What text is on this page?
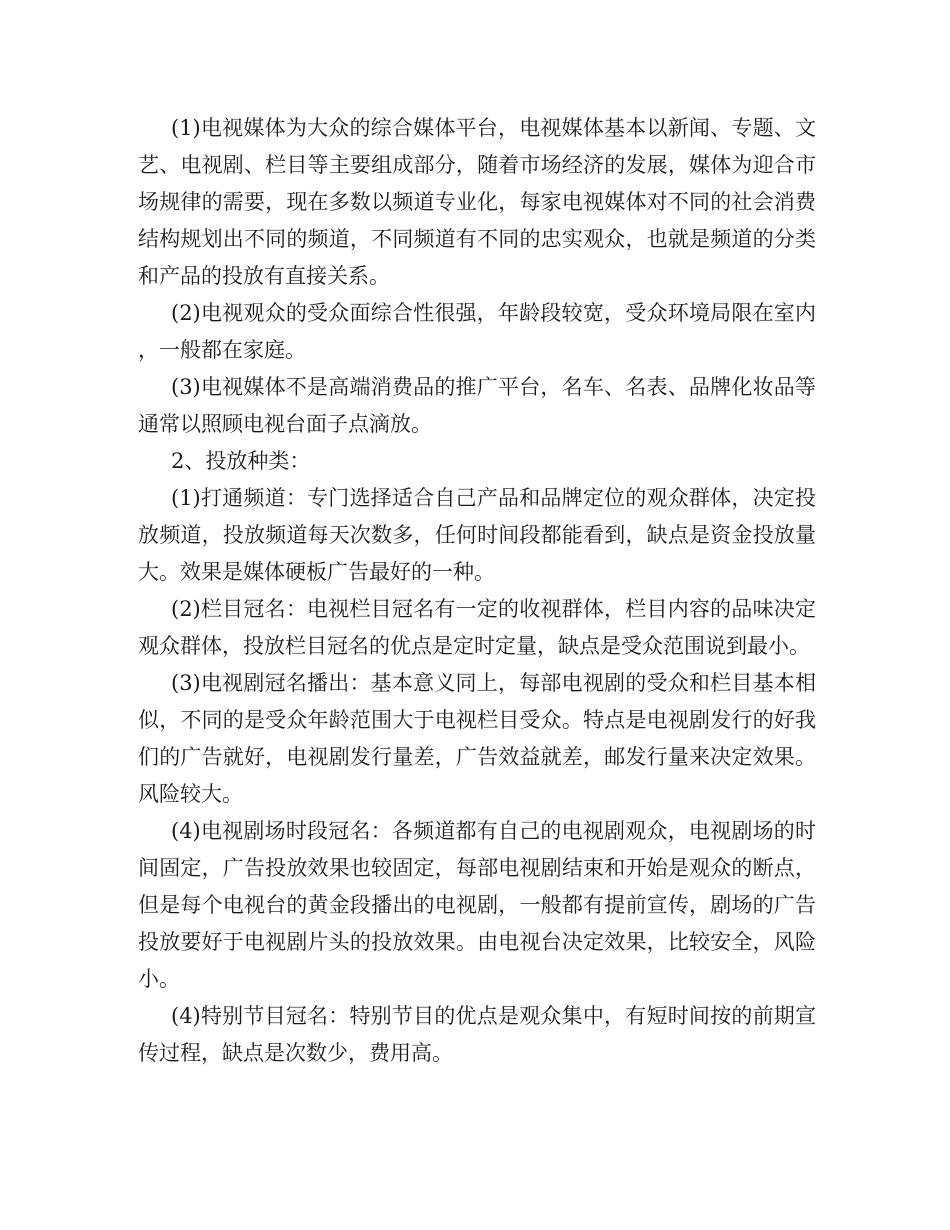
(1)电视媒体为大众的综合媒体平台，电视媒体基本以新闻、专题、文艺、电视剧、栏目等主要组成部分，随着市场经济的发展，媒体为迎合市场规律的需要，现在多数以频道专业化，每家电视媒体对不同的社会消费结构规划出不同的频道，不同频道有不同的忠实观众，也就是频道的分类和产品的投放有直接关系。

(2)电视观众的受众面综合性很强，年龄段较宽，受众环境局限在室内，一般都在家庭。

(3)电视媒体不是高端消费品的推广平台，名车、名表、品牌化妆品等通常以照顾电视台面子点滴放。

2、投放种类：

(1)打通频道：专门选择适合自己产品和品牌定位的观众群体，决定投放频道，投放频道每天次数多，任何时间段都能看到，缺点是资金投放量大。效果是媒体硬板广告最好的一种。

(2)栏目冠名：电视栏目冠名有一定的收视群体，栏目内容的品味决定观众群体，投放栏目冠名的优点是定时定量，缺点是受众范围说到最小。

(3)电视剧冠名播出：基本意义同上，每部电视剧的受众和栏目基本相似，不同的是受众年龄范围大于电视栏目受众。特点是电视剧发行的好我们的广告就好，电视剧发行量差，广告效益就差，邮发行量来决定效果。风险较大。

(4)电视剧场时段冠名：各频道都有自己的电视剧观众，电视剧场的时间固定，广告投放效果也较固定，每部电视剧结束和开始是观众的断点，但是每个电视台的黄金段播出的电视剧，一般都有提前宣传，剧场的广告投放要好于电视剧片头的投放效果。由电视台决定效果，比较安全，风险小。

(4)特别节目冠名：特别节目的优点是观众集中，有短时间按的前期宣传过程，缺点是次数少，费用高。
